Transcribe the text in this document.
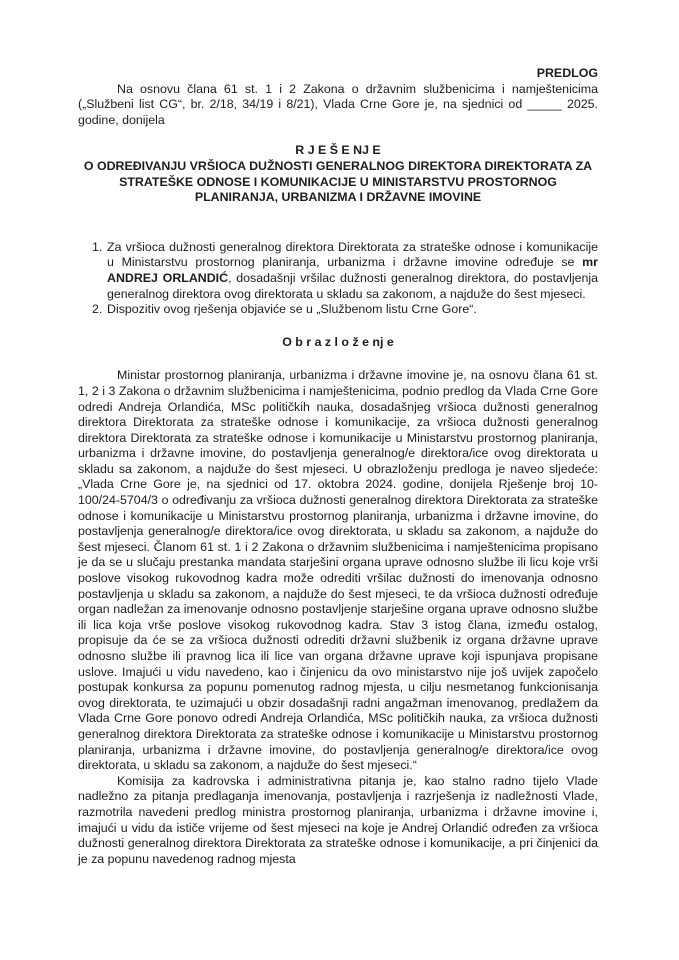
PREDLOG

Na osnovu člana 61 st. 1 i 2 Zakona o državnim službenicima i namještenicima („Službeni list CG“, br. 2/18, 34/19 i 8/21), Vlada Crne Gore je, na sjednici od _____ 2025. godine, donijela

R J E Š E NJ E
O ODREĐIVANJU VRŠIOCA DUŽNOSTI GENERALNOG DIREKTORA DIREKTORATA ZA STRATEŠKE ODNOSE I KOMUNIKACIJE U MINISTARSTVU PROSTORNOG PLANIRANJA, URBANIZMA I DRŽAVNE IMOVINE
1. Za vršioca dužnosti generalnog direktora Direktorata za strateške odnose i komunikacije u Ministarstvu prostornog planiranja, urbanizma i državne imovine određuje se mr ANDREJ ORLANDIĆ, dosadašnji vršilac dužnosti generalnog direktora, do postavljenja generalnog direktora ovog direktorata u skladu sa zakonom, a najduže do šest mjeseci.
2. Dispozitiv ovog rješenja objaviće se u „Službenom listu Crne Gore“.
O b r a z l o ž e nj e

Ministar prostornog planiranja, urbanizma i državne imovine je, na osnovu člana 61 st. 1, 2 i 3 Zakona o državnim službenicima i namještenicima, podnio predlog da Vlada Crne Gore odredi Andreja Orlandića, MSc političkih nauka, dosadašnjeg vršioca dužnosti generalnog direktora Direktorata za strateške odnose i komunikacije, za vršioca dužnosti generalnog direktora Direktorata za strateške odnose i komunikacije u Ministarstvu prostornog planiranja, urbanizma i državne imovine, do postavljenja generalnog/e direktora/ice ovog direktorata u skladu sa zakonom, a najduže do šest mjeseci. U obrazloženju predloga je naveo sljedeće: „Vlada Crne Gore je, na sjednici od 17. oktobra 2024. godine, donijela Rješenje broj 10-100/24-5704/3 o određivanju za vršioca dužnosti generalnog direktora Direktorata za strateške odnose i komunikacije u Ministarstvu prostornog planiranja, urbanizma i državne imovine, do postavljenja generalnog/e direktora/ice ovog direktorata, u skladu sa zakonom, a najduže do šest mjeseci. Članom 61 st. 1 i 2 Zakona o državnim službenicima i namještenicima propisano je da se u slučaju prestanka mandata starješini organa uprave odnosno službe ili licu koje vrši poslove visokog rukovodnog kadra može odrediti vršilac dužnosti do imenovanja odnosno postavljenja u skladu sa zakonom, a najduže do šest mjeseci, te da vršioca dužnosti određuje organ nadležan za imenovanje odnosno postavljenje starješine organa uprave odnosno službe ili lica koja vrše poslove visokog rukovodnog kadra. Stav 3 istog člana, između ostalog, propisuje da će se za vršioca dužnosti odrediti državni službenik iz organa državne uprave odnosno službe ili pravnog lica ili lice van organa državne uprave koji ispunjava propisane uslove. Imajući u vidu navedeno, kao i činjenicu da ovo ministarstvo nije još uvijek započelo postupak konkursa za popunu pomenutog radnog mjesta, u cilju nesmetanog funkcionisanja ovog direktorata, te uzimajući u obzir dosadašnji radni angažman imenovanog, predlažem da Vlada Crne Gore ponovo odredi Andreja Orlandića, MSc političkih nauka, za vršioca dužnosti generalnog direktora Direktorata za strateške odnose i komunikacije u Ministarstvu prostornog planiranja, urbanizma i državne imovine, do postavljenja generalnog/e direktora/ice ovog direktorata, u skladu sa zakonom, a najduže do šest mjeseci.“

Komisija za kadrovska i administrativna pitanja je, kao stalno radno tijelo Vlade nadležno za pitanja predlaganja imenovanja, postavljenja i razrješenja iz nadležnosti Vlade, razmotrila navedeni predlog ministra prostornog planiranja, urbanizma i državne imovine i, imajući u vidu da ističe vrijeme od šest mjeseci na koje je Andrej Orlandić određen za vršioca dužnosti generalnog direktora Direktorata za strateške odnose i komunikacije, a pri činjenici da je za popunu navedenog radnog mjesta
